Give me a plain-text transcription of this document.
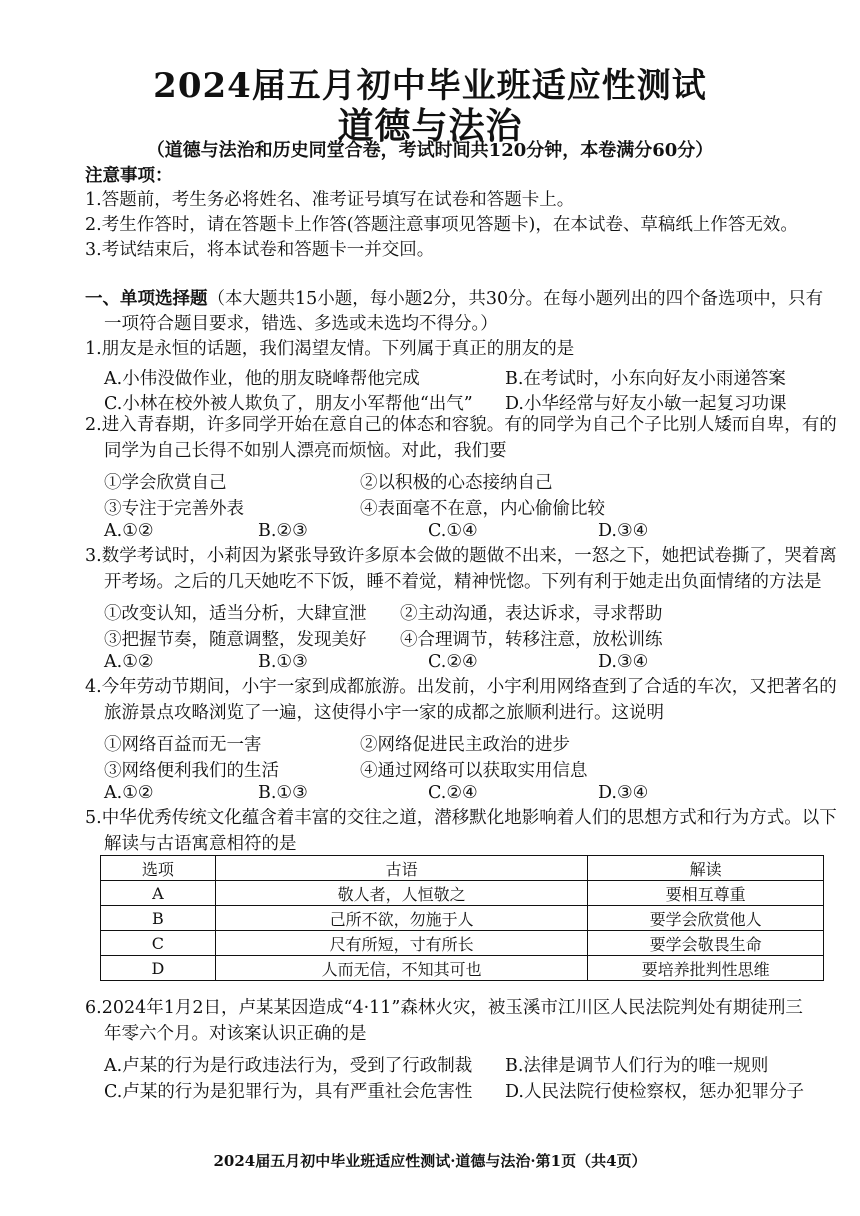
2024届五月初中毕业班适应性测试
道德与法治
（道德与法治和历史同堂合卷，考试时间共120分钟，本卷满分60分）
注意事项：
1.答题前，考生务必将姓名、准考证号填写在试卷和答题卡上。
2.考生作答时，请在答题卡上作答(答题注意事项见答题卡)，在本试卷、草稿纸上作答无效。
3.考试结束后，将本试卷和答题卡一并交回。
一、单项选择题（本大题共15小题，每小题2分，共30分。在每小题列出的四个备选项中，只有
一项符合题目要求，错选、多选或未选均不得分。）
1.朋友是永恒的话题，我们渴望友情。下列属于真正的朋友的是
A.小伟没做作业，他的朋友晓峰帮他完成	B.在考试时，小东向好友小雨递答案
C.小林在校外被人欺负了，朋友小军帮他“出气” D.小华经常与好友小敏一起复习功课
2.进入青春期，许多同学开始在意自己的体态和容貌。有的同学为自己个子比别人矮而自卑，有的
同学为自己长得不如别人漂亮而烦恼。对此，我们要
①学会欣赏自己	②以积极的心态接纳自己
③专注于完善外表	④表面毫不在意，内心偷偷比较
A.①②	B.②③	C.①④	D.③④
3.数学考试时，小莉因为紧张导致许多原本会做的题做不出来，一怒之下，她把试卷撕了，哭着离
开考场。之后的几天她吃不下饭，睡不着觉，精神恍惚。下列有利于她走出负面情绪的方法是
①改变认知，适当分析，大肆宣泄 ②主动沟通，表达诉求，寻求帮助
③把握节奏，随意调整，发现美好 ④合理调节，转移注意，放松训练
A.①②	B.①③	C.②④	D.③④
4.今年劳动节期间，小宇一家到成都旅游。出发前，小宇利用网络查到了合适的车次，又把著名的
旅游景点攻略浏览了一遍，这使得小宇一家的成都之旅顺利进行。这说明
①网络百益而无一害	②网络促进民主政治的进步
③网络便利我们的生活	④通过网络可以获取实用信息
A.①②	B.①③	C.②④	D.③④
5.中华优秀传统文化蕴含着丰富的交往之道，潜移默化地影响着人们的思想方式和行为方式。以下
解读与古语寓意相符的是
选项	古语	解读
A	敬人者，人恒敬之	要相互尊重
B	己所不欲，勿施于人	要学会欣赏他人
C	尺有所短，寸有所长	要学会敬畏生命
D	人而无信，不知其可也	要培养批判性思维
6.2024年1月2日，卢某某因造成“4·11”森林火灾，被玉溪市江川区人民法院判处有期徒刑三
年零六个月。对该案认识正确的是
A.卢某的行为是行政违法行为，受到了行政制裁 B.法律是调节人们行为的唯一规则
C.卢某的行为是犯罪行为，具有严重社会危害性 D.人民法院行使检察权，惩办犯罪分子
2024届五月初中毕业班适应性测试·道德与法治·第1页（共4页）
